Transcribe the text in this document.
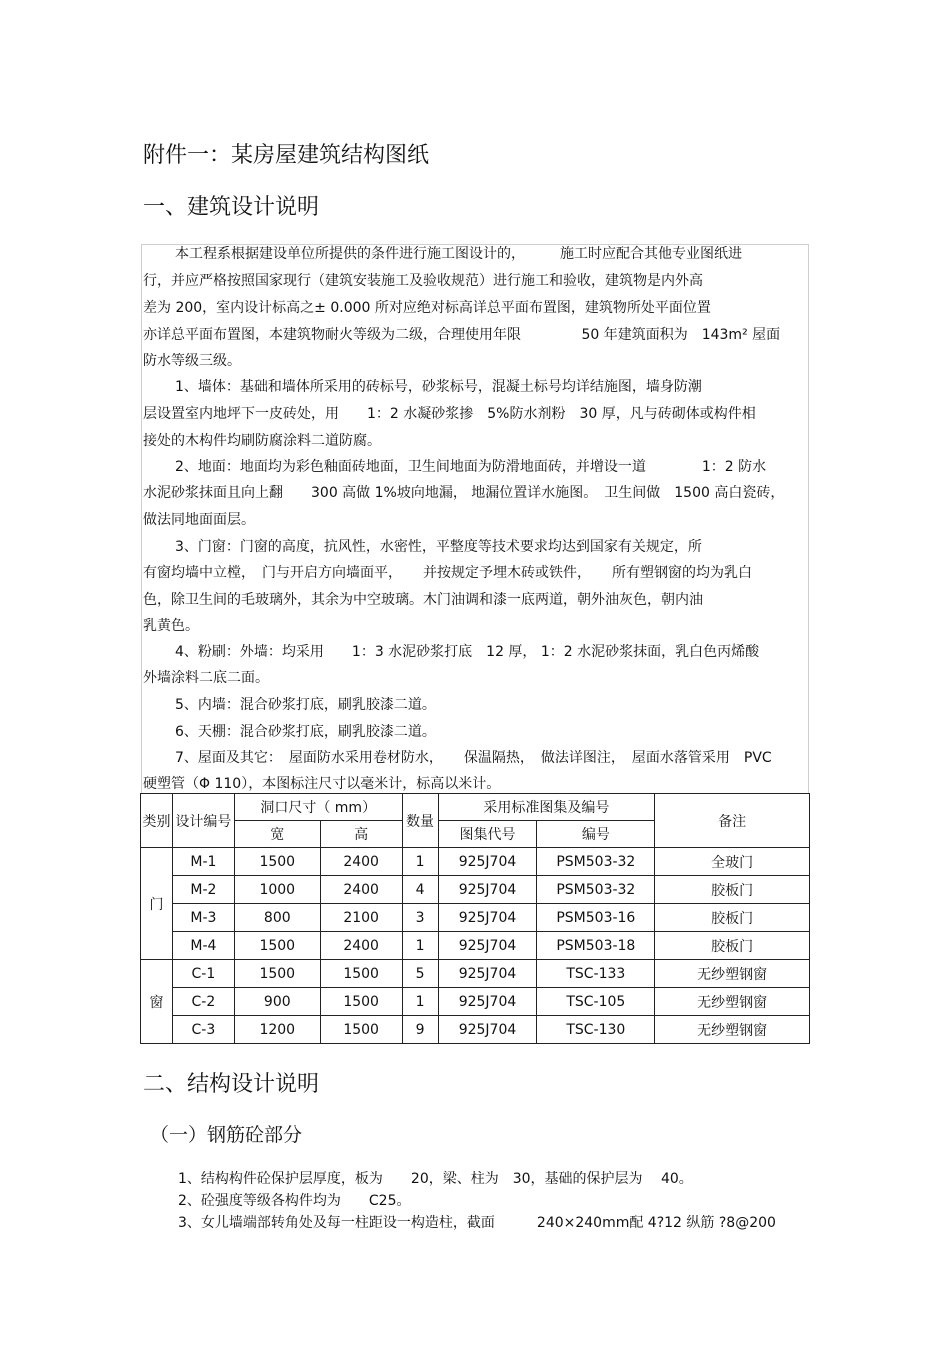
附件一：某房屋建筑结构图纸
一、建筑设计说明
本工程系根据建设单位所提供的条件进行施工图设计的，　　　施工时应配合其他专业图纸进
行，并应严格按照国家现行（建筑安装施工及验收规范）进行施工和验收，建筑物是内外高
差为 200，室内设计标高之± 0.000 所对应绝对标高详总平面布置图，建筑物所处平面位置
亦详总平面布置图，本建筑物耐火等级为二级，合理使用年限　　　　 50 年建筑面积为　143m² 屋面
防水等级三级。
1、墙体：基础和墙体所采用的砖标号，砂浆标号，混凝土标号均详结施图，墙身防潮
层设置室内地坪下一皮砖处，用　　1：2 水凝砂浆掺　5%防水剂粉　30 厚，凡与砖砌体或构件相
接处的木构件均刷防腐涂料二道防腐。
2、地面：地面均为彩色釉面砖地面，卫生间地面为防滑地面砖，并增设一道　　　　1：2 防水
水泥砂浆抹面且向上翻　　300 高做 1%坡向地漏， 地漏位置详水施图。　卫生间做　1500 高白瓷砖，
做法同地面面层。
3、门窗：门窗的高度，抗风性，水密性，平整度等技术要求均达到国家有关规定，所
有窗均墙中立樘，　门与开启方向墙面平，　　并按规定予埋木砖或铁件，　　所有塑钢窗的均为乳白
色，除卫生间的毛玻璃外，其余为中空玻璃。木门油调和漆一底两道，朝外油灰色，朝内油
乳黄色。
4、粉刷：外墙：均采用　　1：3 水泥砂浆打底　12 厚， 1：2 水泥砂浆抹面，乳白色丙烯酸
外墙涂料二底二面。
5、内墙：混合砂浆打底，刷乳胶漆二道。
6、天棚：混合砂浆打底，刷乳胶漆二道。
7、屋面及其它：　屋面防水采用卷材防水，　　保温隔热，　做法详图注，　屋面水落管采用　PVC
硬塑管（Φ 110），本图标注尺寸以毫米计，标高以米计。
类别	设计编号	洞口尺寸（ mm）		数量	采用标准图集及编号		备注
		宽	高		图集代号	编号	
门	M-1	1500	2400	1	925J704	PSM503-32	全玻门
	M-2	1000	2400	4	925J704	PSM503-32	胶板门
	M-3	800	2100	3	925J704	PSM503-16	胶板门
	M-4	1500	2400	1	925J704	PSM503-18	胶板门
窗	C-1	1500	1500	5	925J704	TSC-133	无纱塑钢窗
	C-2	900	1500	1	925J704	TSC-105	无纱塑钢窗
	C-3	1200	1500	9	925J704	TSC-130	无纱塑钢窗
二、结构设计说明
（一）钢筋砼部分
1、结构构件砼保护层厚度，板为　　20，梁、柱为　30，基础的保护层为　 40。
2、砼强度等级各构件均为　　C25。
3、女儿墙端部转角处及每一柱距设一构造柱，截面　　　240×240mm配 4?12 纵筋 ?8@200
